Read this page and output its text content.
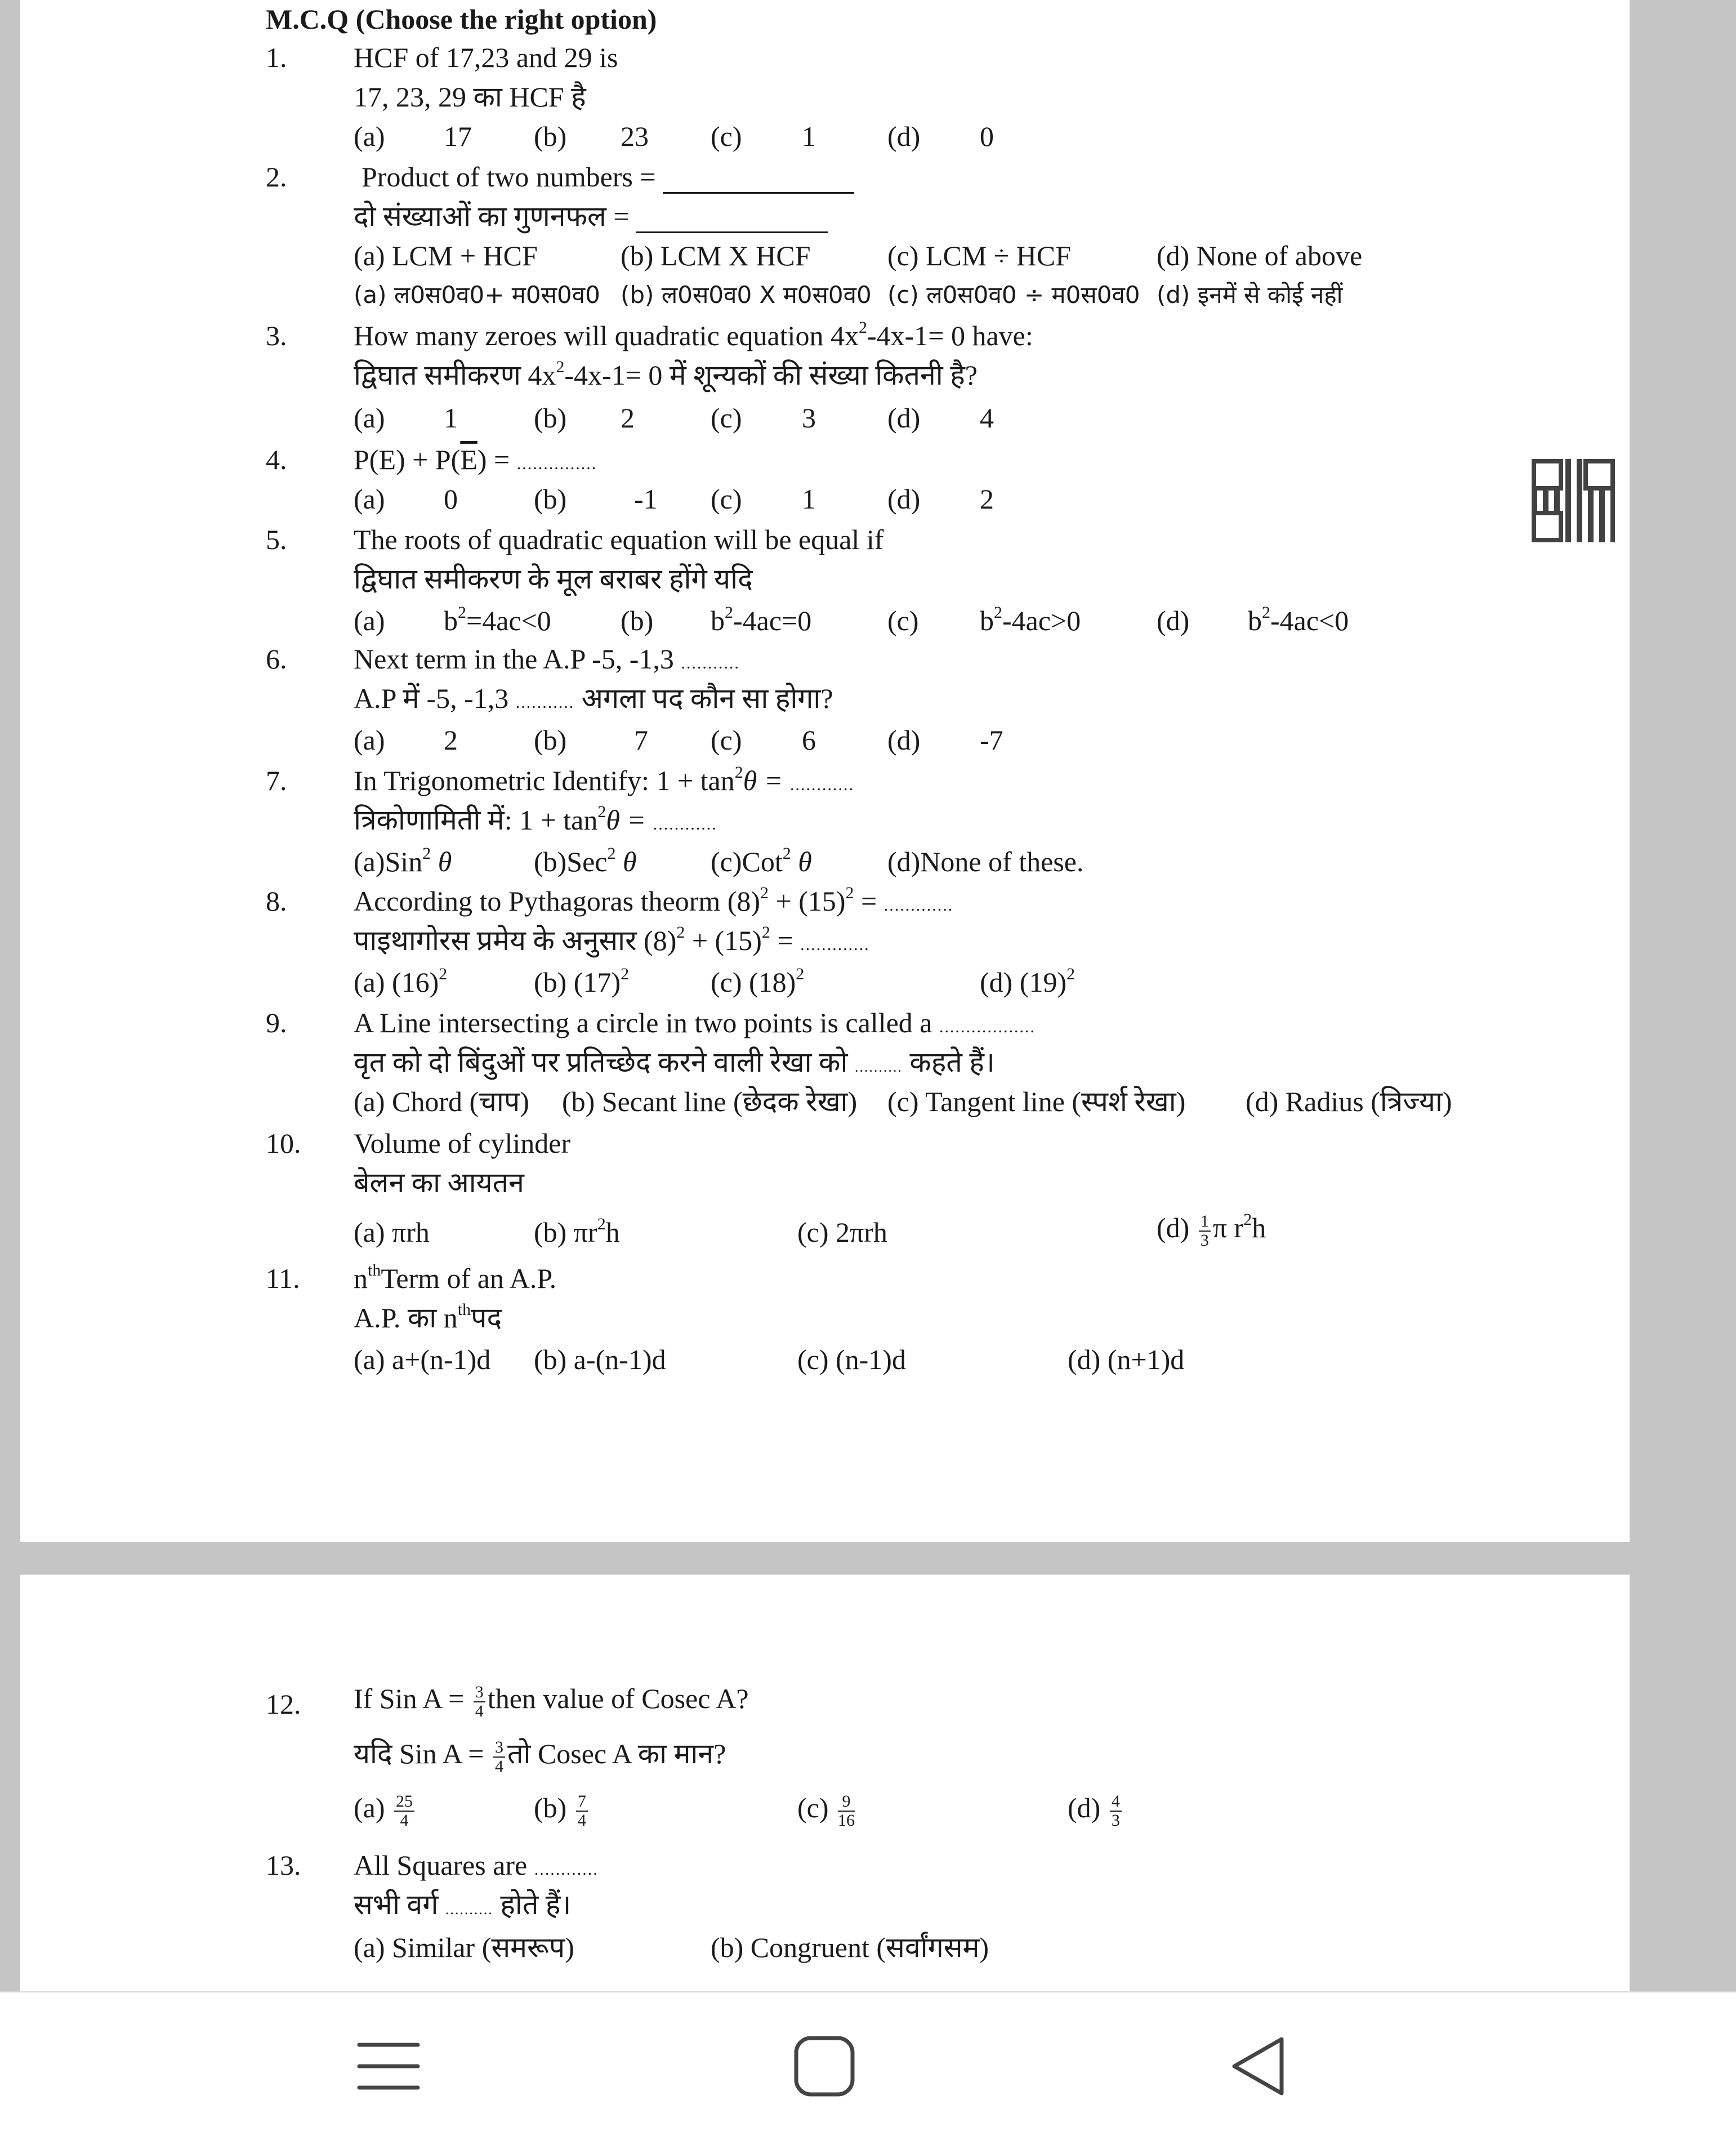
M.C.Q (Choose the right option)
1. HCF of 17,23 and 29 is
17, 23, 29 का HCF है
(a) 17 (b) 23 (c) 1	(d) 0
2.	Product of two numbers =
दो संख्याओं का गुणनफल =
(a) LCM + HCF	(b) LCM X HCF	(c) LCM ÷ HCF	(d) None of above
(a) ल0स0व0+ म0स0व0 (b) ल0स0व0 X म0स0व0 (c) ल0स0व0 ÷ म0स0व0 (d) इनमें से कोई नहीं
3. How many zeroes will quadratic equation $4x^2-4x-1= 0$ have:
द्विघात समीकरण $4x^2-4x-1= 0$ में शून्यकों की संख्या कितनी है?
(a) 1	(b) 2	(c) 3	(d) 4
4. $P(E) + P(\overline{E})$ = ...............
(a) 0	(b) -1 (c) 1	(d) 2
5. The roots of quadratic equation will be equal if
द्विघात समीकरण के मूल बराबर होंगे यदि
(a) $b^2=4ac<0$ (b) $b^2-4ac=0$	(c) $b^2-4ac>0$	(d) $b^2-4ac<0$
6. Next term in the A.P -5, -1,3 ...........
A.P में -5, -1,3 ........... अगला पद कौन सा होगा?
(a) 2	(b) 7 (c) 6	(d) -7
7. In Trigonometric Identify: $1 + \tan^2\theta$ = ............
त्रिकोणामिती में: $1 + \tan^2\theta$ = ............
(a)Sin$^2$ θ	(b)Sec$^2$ θ	(c)Cot$^2$ θ	(d)None of these.
8. According to Pythagoras theorm $(8)^2 + (15)^2$ = .............
पाइथागोरस प्रमेय के अनुसार $(8)^2 + (15)^2$ = .............
(a) $(16)^2$	(b) $(17)^2$	(c) $(18)^2$	(d) $(19)^2$
9. A Line intersecting a circle in two points is called a ..................
वृत को दो बिंदुओं पर प्रतिच्छेद करने वाली रेखा को .......... कहते हैं।
(a) Chord (चाप) (b) Secant line (छेदक रेखा) (c) Tangent line (स्पर्श रेखा) (d) Radius (त्रिज्या)
10. Volume of cylinder
बेलन का आयतन
(a) πrh	(b) $\pi r^2h$	(c) 2πrh	$(d) \frac{1}{3}$ π $r^2h$
11. $n^{th}Term$ of an A.P.
A.P. का $n^{th}पद$
(a) a+(n-1)d (b) a-(n-1)d	(c) (n-1)d	(d) (n+1)d
12. If Sin $A = \frac{3}{4}$ then value of Cosec A?
यदि Sin $A = \frac{3}{4}$ तो Cosec A का मान?
$(a) \frac{25}{4}$	$(b) \frac{7}{4}$	$(c) \frac{9}{16}$	$(d) \frac{4}{3}$
13. All Squares are ............
सभी वर्ग .......... होते हैं।
(a) Similar (समरूप)	(b) Congruent (सर्वांगसम)
